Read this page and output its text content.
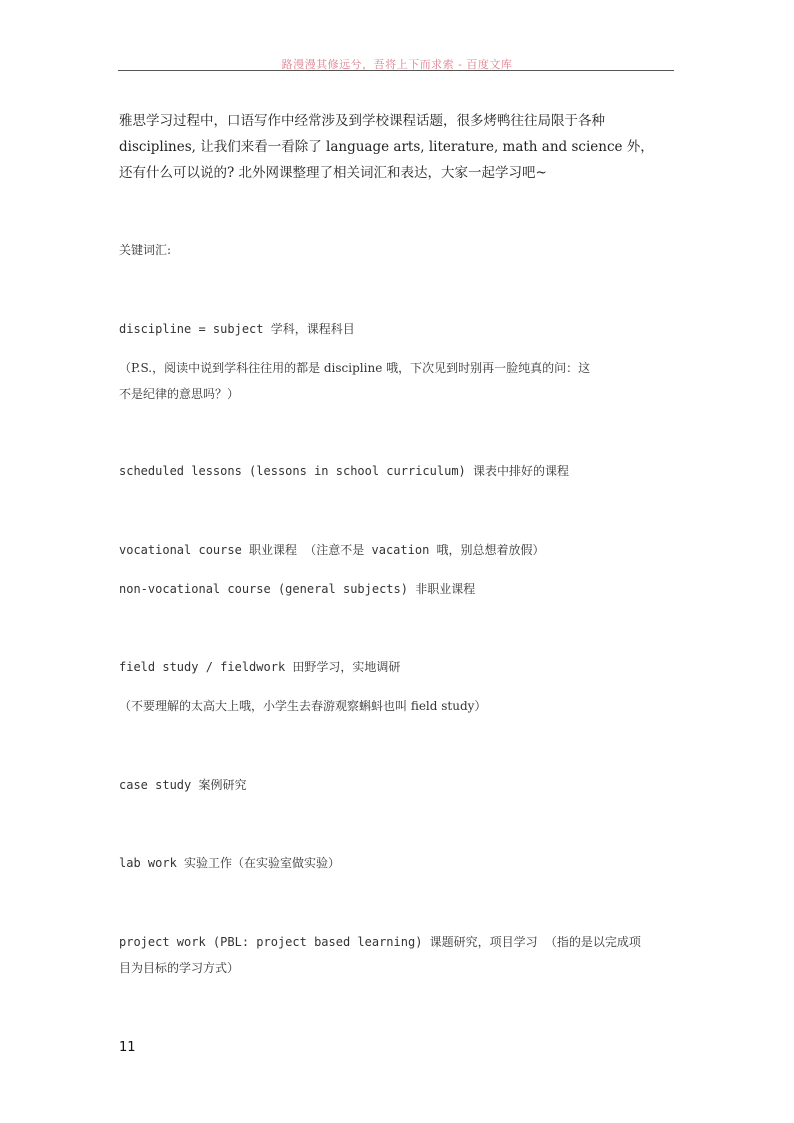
路漫漫其修远兮，吾将上下而求索 - 百度文库
雅思学习过程中，口语写作中经常涉及到学校课程话题，很多烤鸭往往局限于各种
disciplines, 让我们来看一看除了 language arts, literature, math and science 外，
还有什么可以说的? 北外网课整理了相关词汇和表达，大家一起学习吧~
关键词汇:
discipline = subject 学科，课程科目
（P.S.，阅读中说到学科往往用的都是 discipline 哦，下次见到时别再一脸纯真的问：这
不是纪律的意思吗？）
scheduled lessons (lessons in school curriculum) 课表中排好的课程
vocational course 职业课程 （注意不是 vacation 哦，别总想着放假）
non-vocational course (general subjects) 非职业课程
field study / fieldwork 田野学习，实地调研
（不要理解的太高大上哦，小学生去春游观察蝌蚪也叫 field study）
case study 案例研究
lab work 实验工作（在实验室做实验）
project work (PBL: project based learning) 课题研究，项目学习 （指的是以完成项
目为目标的学习方式）
11
